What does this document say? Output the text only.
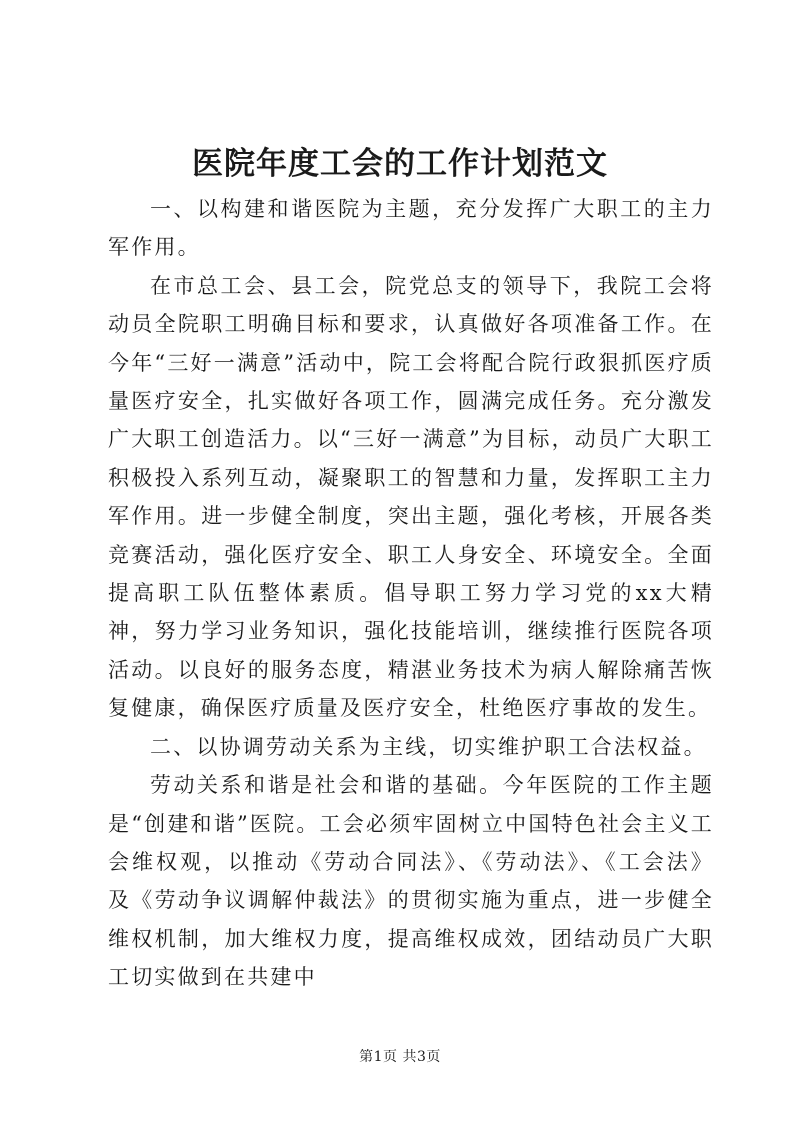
医院年度工会的工作计划范文

一、以构建和谐医院为主题，充分发挥广大职工的主力军作用。

在市总工会、县工会，院党总支的领导下，我院工会将动员全院职工明确目标和要求，认真做好各项准备工作。在今年“三好一满意”活动中，院工会将配合院行政狠抓医疗质量医疗安全，扎实做好各项工作，圆满完成任务。充分激发广大职工创造活力。以“三好一满意”为目标，动员广大职工积极投入系列互动，凝聚职工的智慧和力量，发挥职工主力军作用。进一步健全制度，突出主题，强化考核，开展各类竞赛活动，强化医疗安全、职工人身安全、环境安全。全面提高职工队伍整体素质。倡导职工努力学习党的xx大精神，努力学习业务知识，强化技能培训，继续推行医院各项活动。以良好的服务态度，精湛业务技术为病人解除痛苦恢复健康，确保医疗质量及医疗安全，杜绝医疗事故的发生。

二、以协调劳动关系为主线，切实维护职工合法权益。

劳动关系和谐是社会和谐的基础。今年医院的工作主题是“创建和谐”医院。工会必须牢固树立中国特色社会主义工会维权观，以推动《劳动合同法》、《劳动法》、《工会法》及《劳动争议调解仲裁法》的贯彻实施为重点，进一步健全维权机制，加大维权力度，提高维权成效，团结动员广大职工切实做到在共建中

第1页 共3页
